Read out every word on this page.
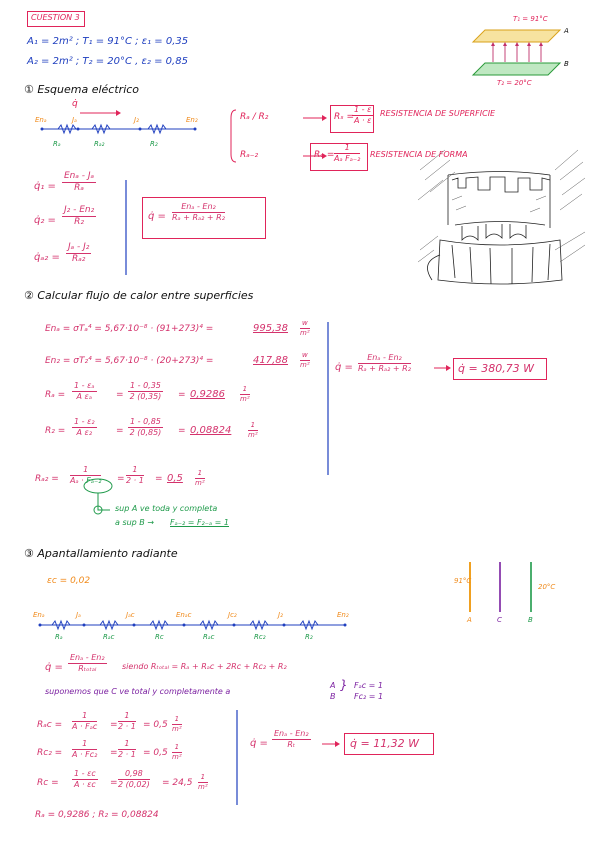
CUESTION 3
A₁ = 2m² ; T₁ = 91°C ; ε₁ = 0,35
A₂ = 2m² ; T₂ = 20°C , ε₂ = 0,85
T₁ = 91°C
T₂ = 20°C
A
B
① Esquema eléctrico
q̇
Enₐ	Jₐ	J₂	En₂
Rₐ	Rₐ₂	R₂
Rₐ / R₂	Rₛ =
$\frac{1 - \varepsilon}{A \cdot \varepsilon}$ RESISTENCIA DE SUPERFICIE
Rₐ₋₂	$R_o = \frac{1}{\text{Aₐ Fₐ₋₂}}$ RESISTENCIA DE FORMA
q̇₁ =
Enₐ - Jₐ
Rₐ
q̇₂ = $\frac{\text{J₂ - En₂}}{\text{R₂}}$
q̇ₐ₂ = $\frac{\text{Jₐ - J₂}}{\text{Rₐ₂}}$
q̇ =
Enₐ - En₂
Rₐ + Rₐ₂ + R₂
② Calcular flujo de calor entre superficies
Enₐ = σTₐ⁴ = 5,67·10⁻⁸ · (91+273)⁴ =	$995,38 \frac{w}{\text{m²}}$
En₂ = σT₂⁴ = 5,67·10⁻⁸ · (20+273)⁴ =	$417,88 \frac{w}{\text{m²}}$
$R_a = \frac{\text{1 - εₐ}}{\text{A εₐ}} = \frac{1 - 0,35}{2 (0,35)} = 0,9286 \frac{1}{\text{m²}}$
$R_2 = \frac{\text{1 - ε₂}}{\text{A ε₂}} = \frac{1 - 0,85}{2 (0,85)} = 0,08824 \frac{1}{\text{m²}}$
$R_{a2} = \frac{1}{\text{Aₐ · Fₐ₋₂}} = \frac{1}{2 \cdot 1} = 0,5 \frac{1}{\text{m²}}$
sup A ve toda y completa
a sup B → Fₐ₋₂ = F₂₋ₐ = 1
q̇ =
Enₐ - En₂
Rₐ + Rₐ₂ + R₂	q̇ = 380,73 W
③ Apantallamiento radiante
εc = 0,02	91°C
A	C	B
20°C
Enₐ	Jₐ	Jₐc	Enₐc	Jc₂	J₂	En₂
Rₐ	Rₐc	Rc	Rₐc	Rc₂	R₂
q̇ =
Enₐ - En₂
Rₜₒₜₐₗ	siendo Rₜₒₜₐₗ = Rₐ + Rₐc + 2Rc + Rc₂ + R₂
suponemos que C ve total y completamente a
A
B
} Fₐc = 1
Fc₂ = 1
Rₐc =
1
$A \cdot F_ac = \frac{1}{2 \cdot 1} = 0,5 \frac{1}{\text{m²}}$
$Rc_2 = \frac{1}{\text{A · Fc₂}} = \frac{1}{2 \cdot 1} = 0,5 \frac{1}{\text{m²}}$
$Rc = \frac{1 - \varepsilon c}{A \cdot \varepsilon c} = \frac{0,98}{2 (0,02)} = 24,5 \frac{1}{\text{m²}}$
q̇ =
Enₐ - En₂
Rₜ	q̇ = 11,32 W
Rₐ = 0,9286 ; R₂ = 0,08824
